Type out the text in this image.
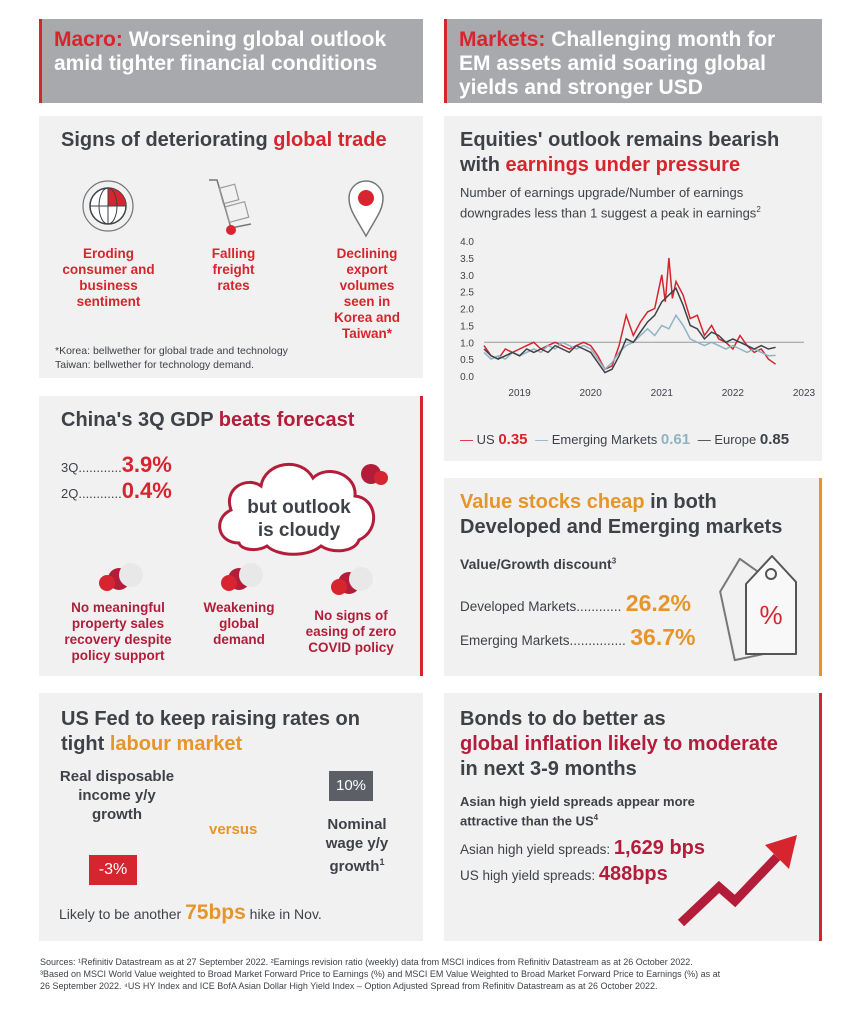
Macro: Worsening global outlook amid tighter financial conditions
Markets: Challenging month for EM assets amid soaring global yields and stronger USD
Signs of deteriorating global trade
Eroding consumer and business sentiment
Falling freight rates
Declining export volumes seen in Korea and Taiwan*
*Korea: bellwether for global trade and technology
Taiwan: bellwether for technology demand.
China's 3Q GDP beats forecast
3Q............3.9%
2Q............0.4%
but outlook is cloudy
No meaningful property sales recovery despite policy support
Weakening global demand
No signs of easing of zero COVID policy
US Fed to keep raising rates on tight labour market
Real disposable income y/y growth
-3%
versus
10%
Nominal wage y/y growth$^1$
Likely to be another 75bps hike in Nov.
Equities' outlook remains bearish with earnings under pressure
Number of earnings upgrade/Number of earnings downgrades less than 1 suggest a peak in earnings$^2$
4.0
3.5
3.0
2.5
2.0
1.5
1.0
0.5
0.0
2019	2020	2021	2022	2023
— US 0.35 — Emerging Markets 0.61 — Europe 0.85
Value stocks cheap in both Developed and Emerging markets
Value/Growth discount$^3$
Developed Markets............ 26.2%
Emerging Markets............... 36.7%
%
Bonds to do better as
global inflation likely to moderate
in next 3-9 months
Asian high yield spreads appear more attractive than the $US^4$
Asian high yield spreads: 1,629 bps
US high yield spreads: 488bps
Sources: ¹Refinitiv Datastream as at 27 September 2022. ²Earnings revision ratio (weekly) data from MSCI indices from Refinitiv Datastream as at 26 October 2022.
³Based on MSCI World Value weighted to Broad Market Forward Price to Earnings (%) and MSCI EM Value Weighted to Broad Market Forward Price to Earnings (%) as at
26 September 2022. ⁴US HY Index and ICE BofA Asian Dollar High Yield Index – Option Adjusted Spread from Refinitiv Datastream as at 26 October 2022.
